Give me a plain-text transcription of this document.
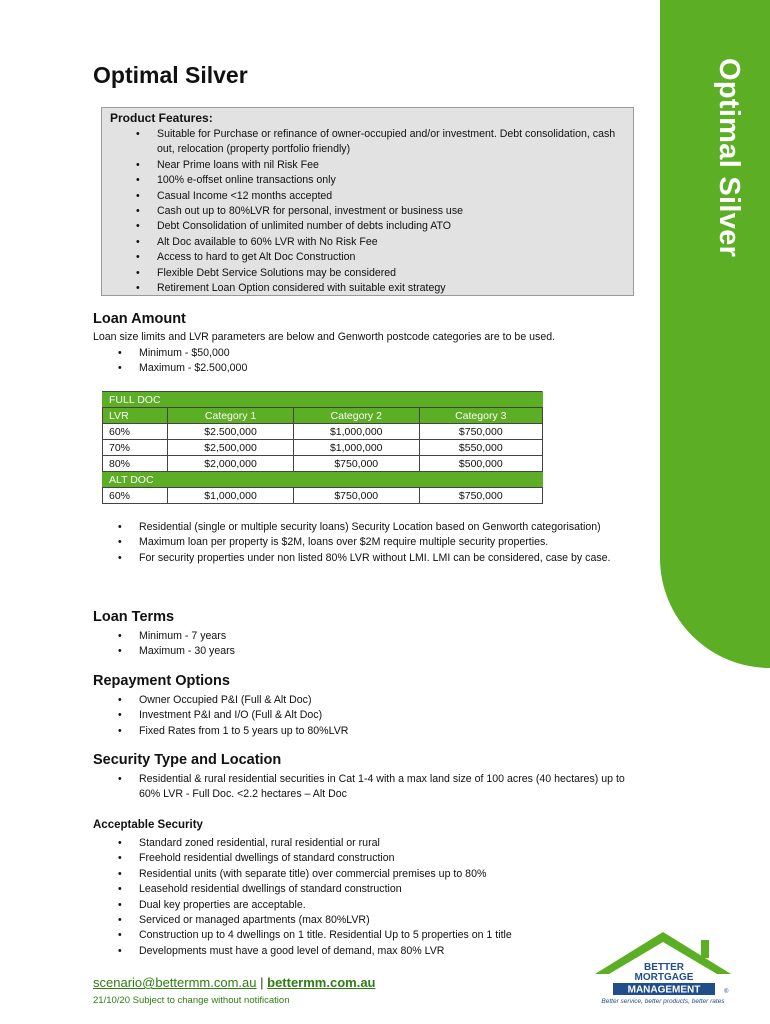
Optimal Silver
Optimal Silver
Product Features:
• Suitable for Purchase or refinance of owner-occupied and/or investment. Debt consolidation, cash out, relocation (property portfolio friendly)
• Near Prime loans with nil Risk Fee
• 100% e-offset online transactions only
• Casual Income <12 months accepted
• Cash out up to 80%LVR for personal, investment or business use
• Debt Consolidation of unlimited number of debts including ATO
• Alt Doc available to 60% LVR with No Risk Fee
• Access to hard to get Alt Doc Construction
• Flexible Debt Service Solutions may be considered
• Retirement Loan Option considered with suitable exit strategy
Loan Amount
Loan size limits and LVR parameters are below and Genworth postcode categories are to be used.
• Minimum - $50,000
• Maximum - $2.500,000
FULL DOC			
LVR	Category 1	Category 2	Category 3
60%	$2.500,000	$1,000,000	$750,000
70%	$2,500,000	$1,000,000	$550,000
80%	$2,000,000	$750,000	$500,000
ALT DOC			
60%	$1,000,000	$750,000	$750,000
• Residential (single or multiple security loans) Security Location based on Genworth categorisation)
• Maximum loan per property is $2M, loans over $2M require multiple security properties.
• For security properties under non listed 80% LVR without LMI. LMI can be considered, case by case.
Loan Terms
• Minimum - 7 years
• Maximum - 30 years
Repayment Options
• Owner Occupied P&I (Full & Alt Doc)
• Investment P&I and I/O (Full & Alt Doc)
• Fixed Rates from 1 to 5 years up to 80%LVR
Security Type and Location
• Residential & rural residential securities in Cat 1-4 with a max land size of 100 acres (40 hectares) up to 60% LVR - Full Doc. <2.2 hectares – Alt Doc
Acceptable Security
• Standard zoned residential, rural residential or rural
• Freehold residential dwellings of standard construction
• Residential units (with separate title) over commercial premises up to 80%
• Leasehold residential dwellings of standard construction
• Dual key properties are acceptable.
• Serviced or managed apartments (max 80%LVR)
• Construction up to 4 dwellings on 1 title. Residential Up to 5 properties on 1 title
• Developments must have a good level of demand, max 80% LVR
scenario@bettermm.com.au | bettermm.com.au
21/10/20 Subject to change without notification
BETTER
MORTGAGE
MANAGEMENT	®
Better service, better products, better rates
